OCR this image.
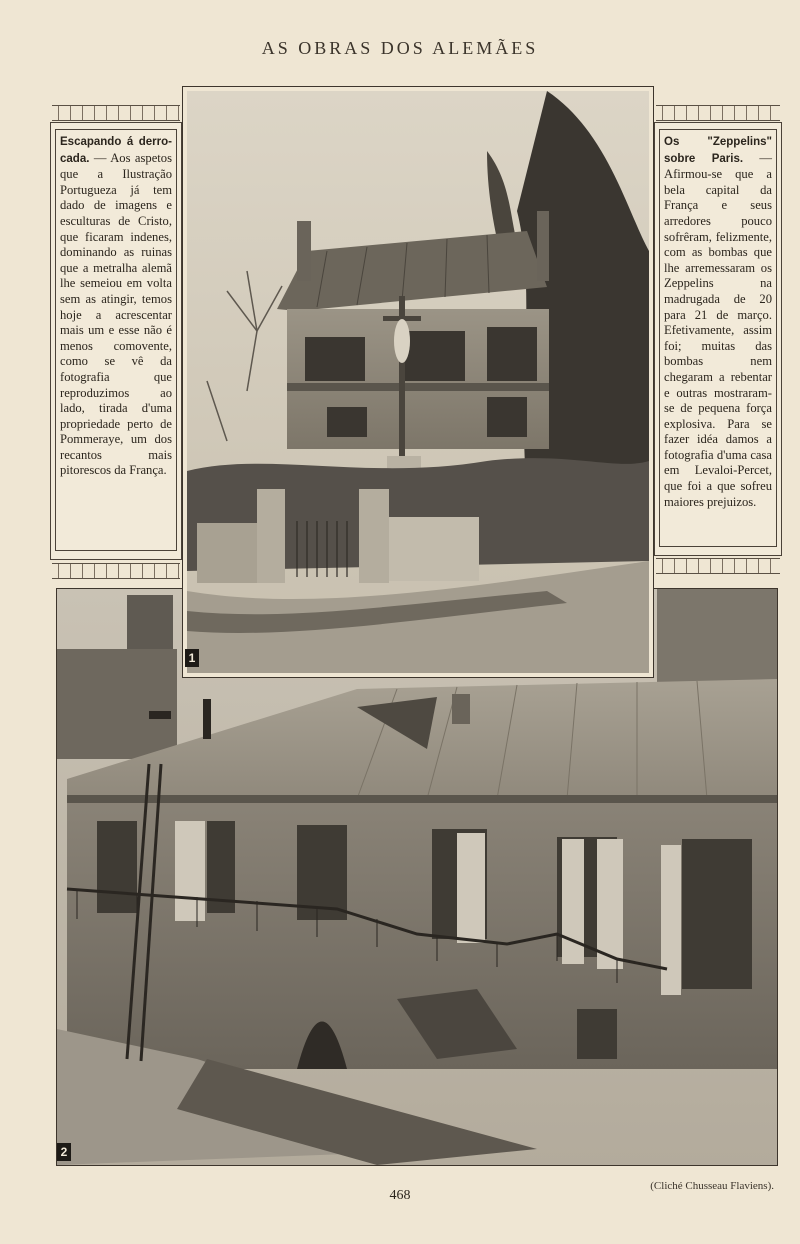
AS OBRAS DOS ALEMÃES
Escapando á derro-cada. — Aos aspetos que a Ilustração Portugueza já tem dado de imagens e esculturas de Cristo, que ficaram indenes, dominando as ruinas que a metralha alemã lhe semeiou em volta sem as atingir, temos hoje a acrescentar mais um e esse não é menos comovente, como se vê da fotografia que reproduzimos ao lado, tirada d'uma propriedade perto de Pommeraye, um dos recantos mais pitorescos da França.
Os "Zeppelins" sobre Paris. — Afirmou-se que a bela capital da França e seus arredores pouco sofrêram, felizmente, com as bombas que lhe arremessaram os Zeppelins na madrugada de 20 para 21 de março. Efetivamente, assim foi; muitas das bombas nem chegaram a rebentar e outras mostraram-se de pequena força explosiva. Para se fazer idéa damos a fotografia d'uma casa em Levaloi-Percet, que foi a que sofreu maiores prejuizos.
2
1
468
(Cliché Chusseau Flaviens).
